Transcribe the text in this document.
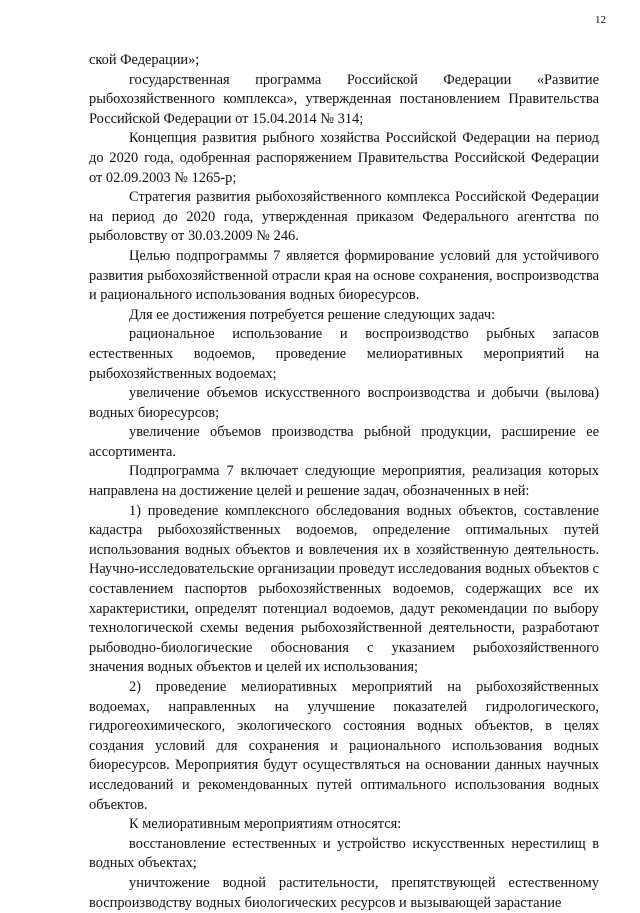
12

ской Федерации»;

государственная программа Российской Федерации «Развитие рыбохозяйственного комплекса», утвержденная постановлением Правительства Российской Федерации от 15.04.2014 № 314;

Концепция развития рыбного хозяйства Российской Федерации на период до 2020 года, одобренная распоряжением Правительства Российской Федерации от 02.09.2003 № 1265-р;

Стратегия развития рыбохозяйственного комплекса Российской Федерации на период до 2020 года, утвержденная приказом Федерального агентства по рыболовству от 30.03.2009 № 246.

Целью подпрограммы 7 является формирование условий для устойчивого развития рыбохозяйственной отрасли края на основе сохранения, воспроизводства и рационального использования водных биоресурсов.

Для ее достижения потребуется решение следующих задач:

рациональное использование и воспроизводство рыбных запасов естественных водоемов, проведение мелиоративных мероприятий на рыбохозяйственных водоемах;

увеличение объемов искусственного воспроизводства и добычи (вылова) водных биоресурсов;

увеличение объемов производства рыбной продукции, расширение ее ассортимента.

Подпрограмма 7 включает следующие мероприятия, реализация которых направлена на достижение целей и решение задач, обозначенных в ней:

1) проведение комплексного обследования водных объектов, составление кадастра рыбохозяйственных водоемов, определение оптимальных путей использования водных объектов и вовлечения их в хозяйственную деятельность. Научно-исследовательские организации проведут исследования водных объектов с составлением паспортов рыбохозяйственных водоемов, содержащих все их характеристики, определят потенциал водоемов, дадут рекомендации по выбору технологической схемы ведения рыбохозяйственной деятельности, разработают рыбоводно-биологические обоснования с указанием рыбохозяйственного значения водных объектов и целей их использования;

2) проведение мелиоративных мероприятий на рыбохозяйственных водоемах, направленных на улучшение показателей гидрологического, гидрогеохимического, экологического состояния водных объектов, в целях создания условий для сохранения и рационального использования водных биоресурсов. Мероприятия будут осуществляться на основании данных научных исследований и рекомендованных путей оптимального использования водных объектов.

К мелиоративным мероприятиям относятся:

восстановление естественных и устройство искусственных нерестилищ в водных объектах;

уничтожение водной растительности, препятствующей естественному воспроизводству водных биологических ресурсов и вызывающей зарастание
